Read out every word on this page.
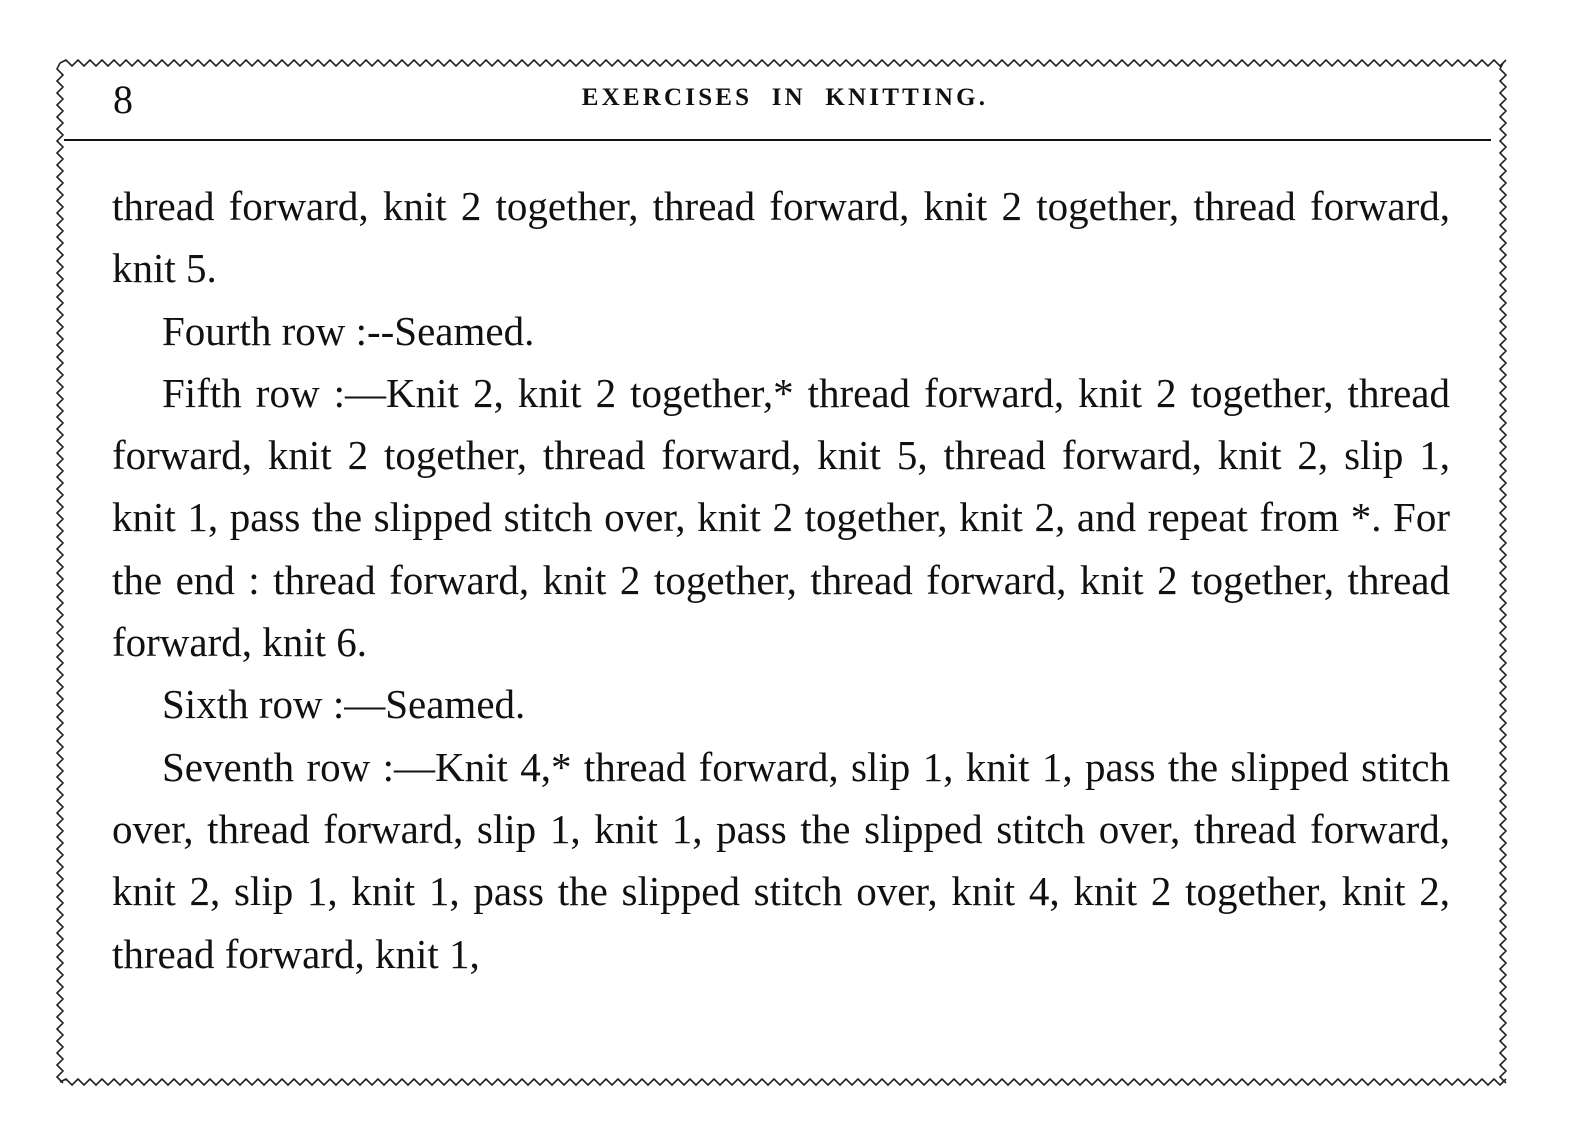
8	EXERCISES IN KNITTING.

thread forward, knit 2 together, thread forward, knit 2 together, thread forward, knit 5.

Fourth row :--Seamed.

Fifth row :—Knit 2, knit 2 together,* thread forward, knit 2 together, thread forward, knit 2 together, thread forward, knit 5, thread forward, knit 2, slip 1, knit 1, pass the slipped stitch over, knit 2 together, knit 2, and repeat from *. For the end : thread forward, knit 2 together, thread forward, knit 2 together, thread forward, knit 6.

Sixth row :—Seamed.

Seventh row :—Knit 4,* thread forward, slip 1, knit 1, pass the slipped stitch over, thread forward, slip 1, knit 1, pass the slipped stitch over, thread forward, knit 2, slip 1, knit 1, pass the slipped stitch over, knit 4, knit 2 together, knit 2, thread forward, knit 1,
